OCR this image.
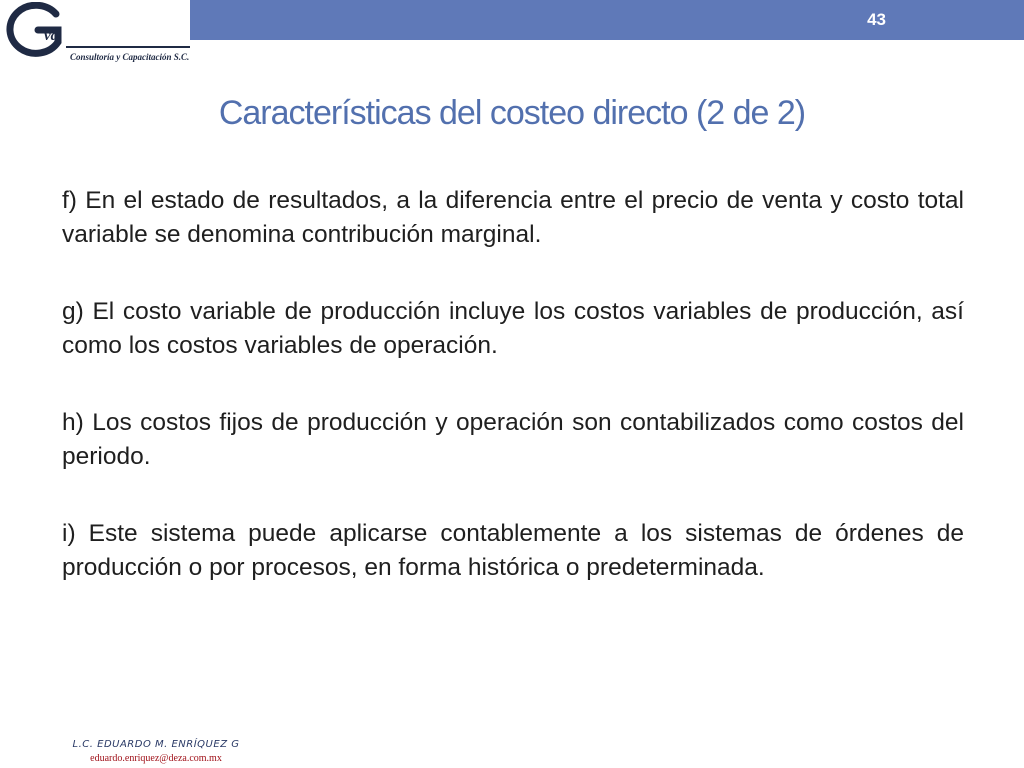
43
va
Consultoría y Capacitación S.C.
Características del costeo directo (2 de 2)

f) En el estado de resultados, a la diferencia entre el precio de venta y costo total variable se denomina contribución marginal.

g) El costo variable de producción incluye los costos variables de producción, así como los costos variables de operación.

h) Los costos fijos de producción y operación son contabilizados como costos del periodo.

i) Este sistema puede aplicarse contablemente a los sistemas de órdenes de producción o por procesos, en forma histórica o predeterminada.

L.C. EDUARDO M. ENRÍQUEZ G
eduardo.enriquez@deza.com.mx
